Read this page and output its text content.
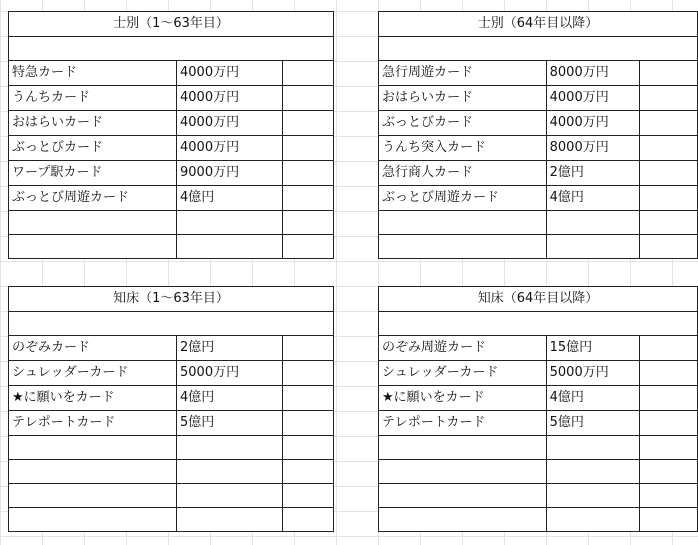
士別（1〜63年目）		

特急カード	4000万円	
うんちカード	4000万円	
おはらいカード	4000万円	
ぶっとびカード	4000万円	
ワープ駅カード	9000万円	
ぶっとび周遊カード	4億円	

士別（64年目以降）		

急行周遊カード	8000万円	
おはらいカード	4000万円	
ぶっとびカード	4000万円	
うんち突入カード	8000万円	
急行商人カード	2億円	
ぶっとび周遊カード	4億円	

知床（1〜63年目）		

のぞみカード	2億円	
シュレッダーカード	5000万円	
★に願いをカード	4億円	
テレポートカード	5億円	

知床（64年目以降）		

のぞみ周遊カード	15億円	
シュレッダーカード	5000万円	
★に願いをカード	4億円	
テレポートカード	5億円	
